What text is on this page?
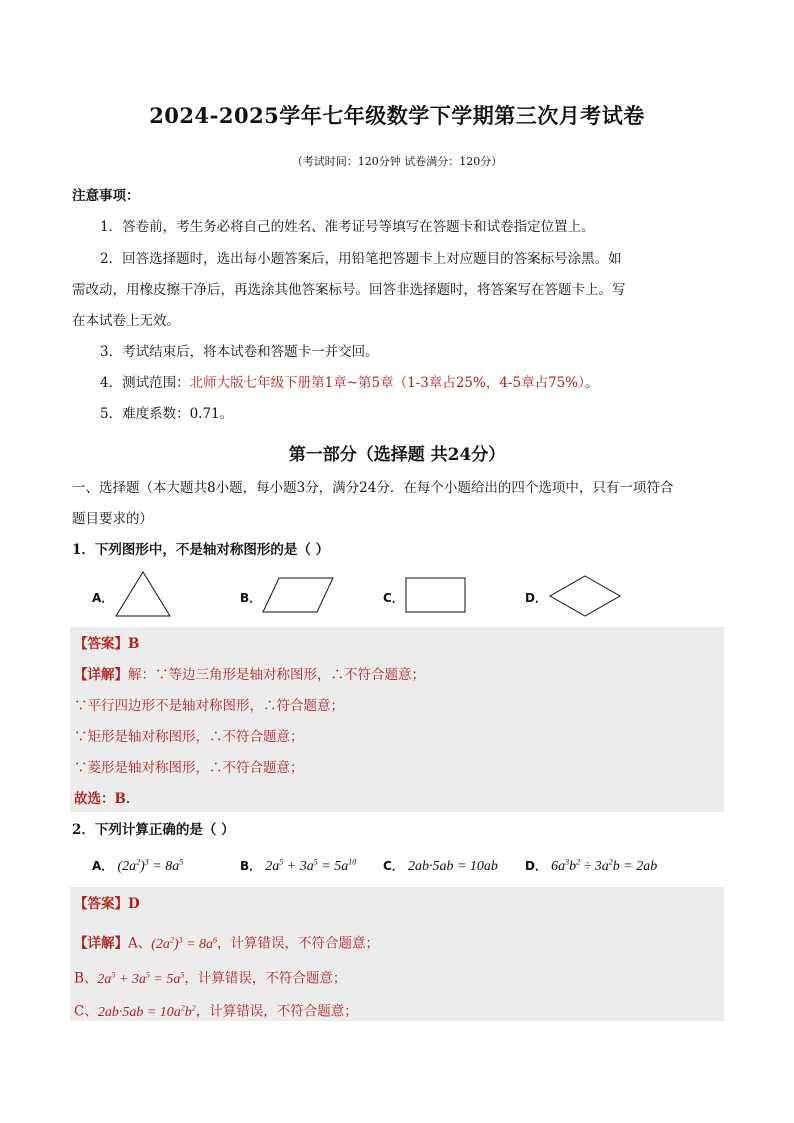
2024-2025学年七年级数学下学期第三次月考试卷
（考试时间：120分钟 试卷满分：120分）
注意事项：
1．答卷前，考生务必将自己的姓名、准考证号等填写在答题卡和试卷指定位置上。
2．回答选择题时，选出每小题答案后，用铅笔把答题卡上对应题目的答案标号涂黑。如
需改动，用橡皮擦干净后，再选涂其他答案标号。回答非选择题时，将答案写在答题卡上。写
在本试卷上无效。
3．考试结束后，将本试卷和答题卡一并交回。
4．测试范围：北师大版七年级下册第1章~第5章（1-3章占25%，4-5章占75%）。
5．难度系数：0.71。
第一部分（选择题 共24分）
一、选择题（本大题共8小题，每小题3分，满分24分．在每个小题给出的四个选项中，只有一项符合
题目要求的）
1．下列图形中，不是轴对称图形的是（ ）
A．	B．	C．	D．
【答案】B
【详解】解：∵等边三角形是轴对称图形，∴不符合题意；
∵平行四边形不是轴对称图形，∴符合题意；
∵矩形是轴对称图形，∴不符合题意；
∵菱形是轴对称图形，∴不符合题意；
故选：B．
2．下列计算正确的是（ ）
A． $(2a^2)^3 = 8a^5$	B． $2a^5 + 3a^5 = 5a^{10}$ C． 2ab·5ab = 10ab D． $6a^3b^2 \div 3a^2b = 2ab$
【答案】D
【详解】A、$(2a^2)^3 = 8a^6$，计算错误，不符合题意；
B、$2a^5 + 3a^5 = 5a^5$，计算错误，不符合题意；
C、$2ab\cdot 5ab = 10a^2b^2$，计算错误，不符合题意；
